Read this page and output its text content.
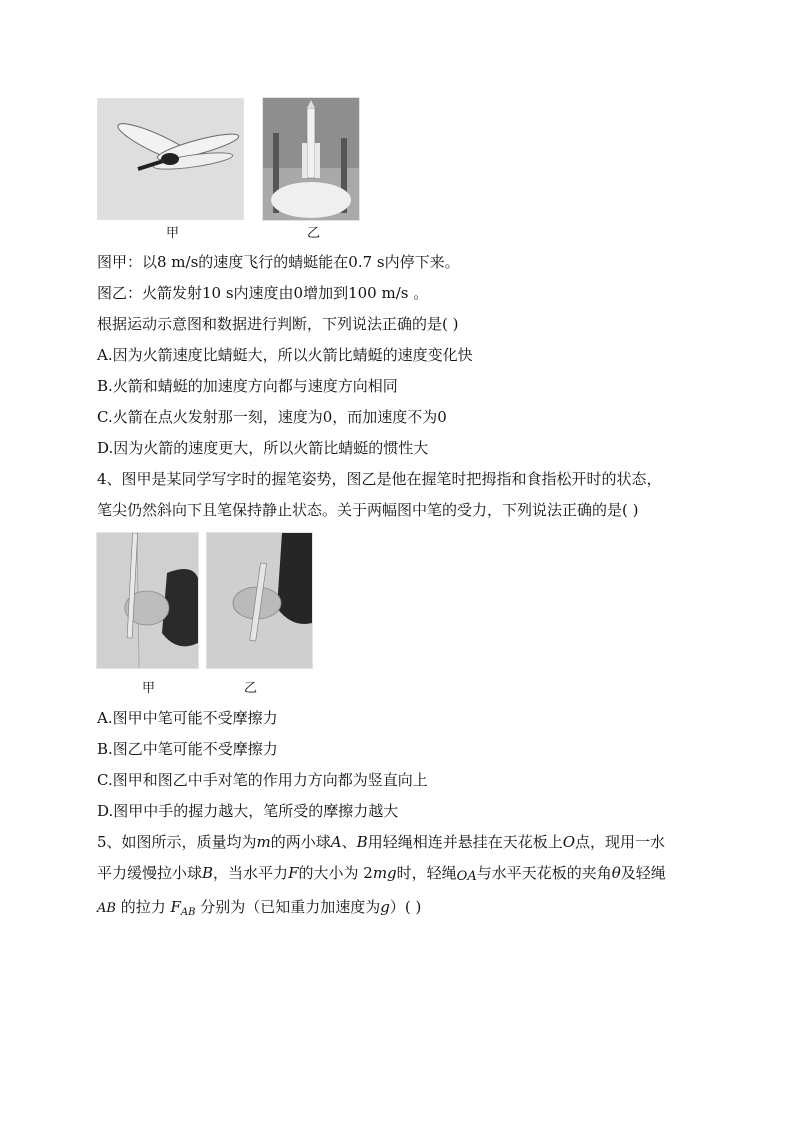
甲	乙
图甲：以8 m/s的速度飞行的蜻蜓能在0.7 s内停下来。
图乙：火箭发射10 s内速度由0增加到100 m/s 。
根据运动示意图和数据进行判断，下列说法正确的是( )
A.因为火箭速度比蜻蜓大，所以火箭比蜻蜓的速度变化快
B.火箭和蜻蜓的加速度方向都与速度方向相同
C.火箭在点火发射那一刻，速度为0，而加速度不为0
D.因为火箭的速度更大，所以火箭比蜻蜓的惯性大
4、图甲是某同学写字时的握笔姿势，图乙是他在握笔时把拇指和食指松开时的状态，
笔尖仍然斜向下且笔保持静止状态。关于两幅图中笔的受力，下列说法正确的是( )
甲	乙
A.图甲中笔可能不受摩擦力
B.图乙中笔可能不受摩擦力
C.图甲和图乙中手对笔的作用力方向都为竖直向上
D.图甲中手的握力越大，笔所受的摩擦力越大
5、如图所示，质量均为m的两小球A、B用轻绳相连并悬挂在天花板上O点，现用一水
平力缓慢拉小球B，当水平力F的大小为 2mg时，轻绳OA与水平天花板的夹角θ及轻绳
AB 的拉力 $F_{AB}$ 分别为（已知重力加速度为g）( )
